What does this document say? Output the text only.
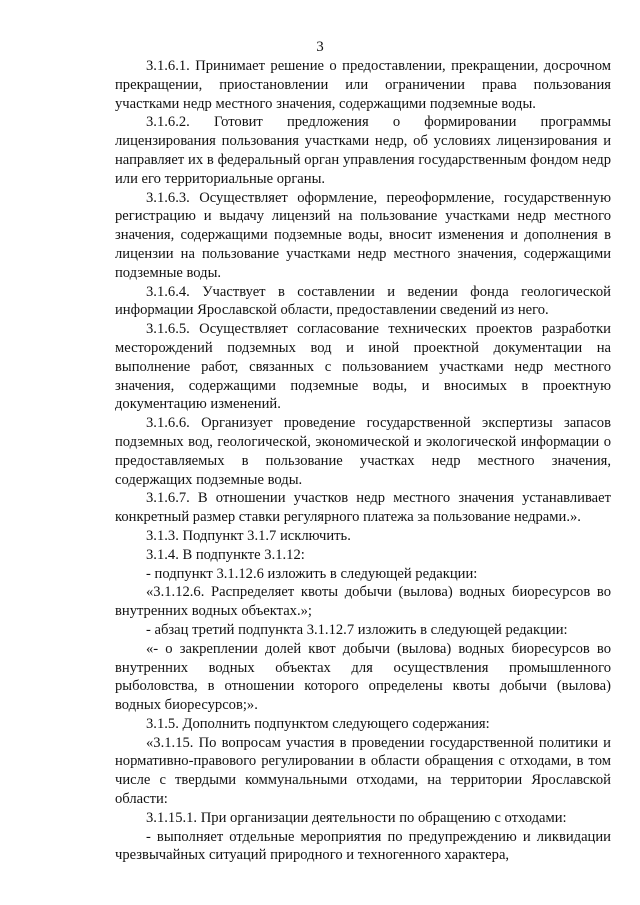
3

3.1.6.1. Принимает решение о предоставлении, прекращении, досрочном прекращении, приостановлении или ограничении права пользования участками недр местного значения, содержащими подземные воды.

3.1.6.2. Готовит предложения о формировании программы лицензирования пользования участками недр, об условиях лицензирования и направляет их в федеральный орган управления государственным фондом недр или его территориальные органы.

3.1.6.3. Осуществляет оформление, переоформление, государственную регистрацию и выдачу лицензий на пользование участками недр местного значения, содержащими подземные воды, вносит изменения и дополнения в лицензии на пользование участками недр местного значения, содержащими подземные воды.

3.1.6.4. Участвует в составлении и ведении фонда геологической информации Ярославской области, предоставлении сведений из него.

3.1.6.5. Осуществляет согласование технических проектов разработки месторождений подземных вод и иной проектной документации на выполнение работ, связанных с пользованием участками недр местного значения, содержащими подземные воды, и вносимых в проектную документацию изменений.

3.1.6.6. Организует проведение государственной экспертизы запасов подземных вод, геологической, экономической и экологической информации о предоставляемых в пользование участках недр местного значения, содержащих подземные воды.

3.1.6.7. В отношении участков недр местного значения устанавливает конкретный размер ставки регулярного платежа за пользование недрами.».

3.1.3. Подпункт 3.1.7 исключить.

3.1.4. В подпункте 3.1.12:

- подпункт 3.1.12.6 изложить в следующей редакции:

«3.1.12.6. Распределяет квоты добычи (вылова) водных биоресурсов во внутренних водных объектах.»;

- абзац третий подпункта 3.1.12.7 изложить в следующей редакции:

«- о закреплении долей квот добычи (вылова) водных биоресурсов во внутренних водных объектах для осуществления промышленного рыболовства, в отношении которого определены квоты добычи (вылова) водных биоресурсов;».

3.1.5. Дополнить подпунктом следующего содержания:

«3.1.15. По вопросам участия в проведении государственной политики и нормативно-правового регулировании в области обращения с отходами, в том числе с твердыми коммунальными отходами, на территории Ярославской области:

3.1.15.1. При организации деятельности по обращению с отходами:

- выполняет отдельные мероприятия по предупреждению и ликвидации чрезвычайных ситуаций природного и техногенного характера,
